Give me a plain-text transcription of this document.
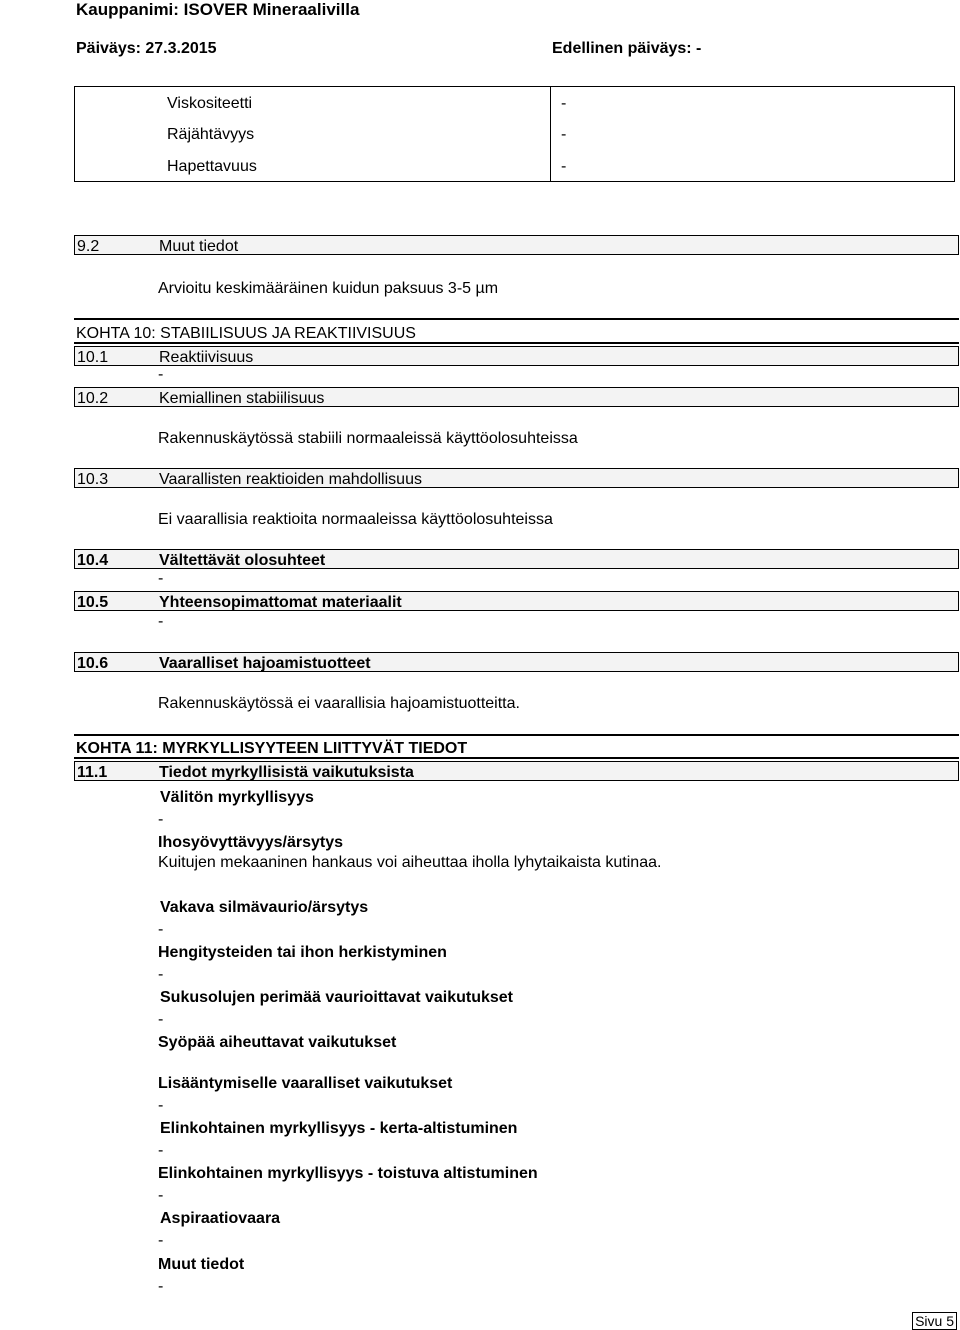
Kauppanimi: ISOVER Mineraalivilla
Päiväys: 27.3.2015	Edellinen päiväys: -
Viskositeetti	-
Räjähtävyys	-
Hapettavuus	-
9.2	Muut tiedot
Arvioitu keskimääräinen kuidun paksuus 3-5 µm
KOHTA 10: STABIILISUUS JA REAKTIIVISUUS
10.1	Reaktiivisuus
-
10.2	Kemiallinen stabiilisuus
Rakennuskäytössä stabiili normaaleissä käyttöolosuhteissa
10.3	Vaarallisten reaktioiden mahdollisuus
Ei vaarallisia reaktioita normaaleissa käyttöolosuhteissa
10.4	Vältettävät olosuhteet
-
10.5	Yhteensopimattomat materiaalit
-
10.6	Vaaralliset hajoamistuotteet
Rakennuskäytössä ei vaarallisia hajoamistuotteitta.
KOHTA 11: MYRKYLLISYYTEEN LIITTYVÄT TIEDOT
11.1	Tiedot myrkyllisistä vaikutuksista
Välitön myrkyllisyys
-
Ihosyövyttävyys/ärsytys
Kuitujen mekaaninen hankaus voi aiheuttaa iholla lyhytaikaista kutinaa.
Vakava silmävaurio/ärsytys
-
Hengitysteiden tai ihon herkistyminen
-
Sukusolujen perimää vaurioittavat vaikutukset
-
Syöpää aiheuttavat vaikutukset
Lisääntymiselle vaaralliset vaikutukset
-
Elinkohtainen myrkyllisyys - kerta-altistuminen
-
Elinkohtainen myrkyllisyys - toistuva altistuminen
-
Aspiraatiovaara
-
Muut tiedot
-
Sivu 5
